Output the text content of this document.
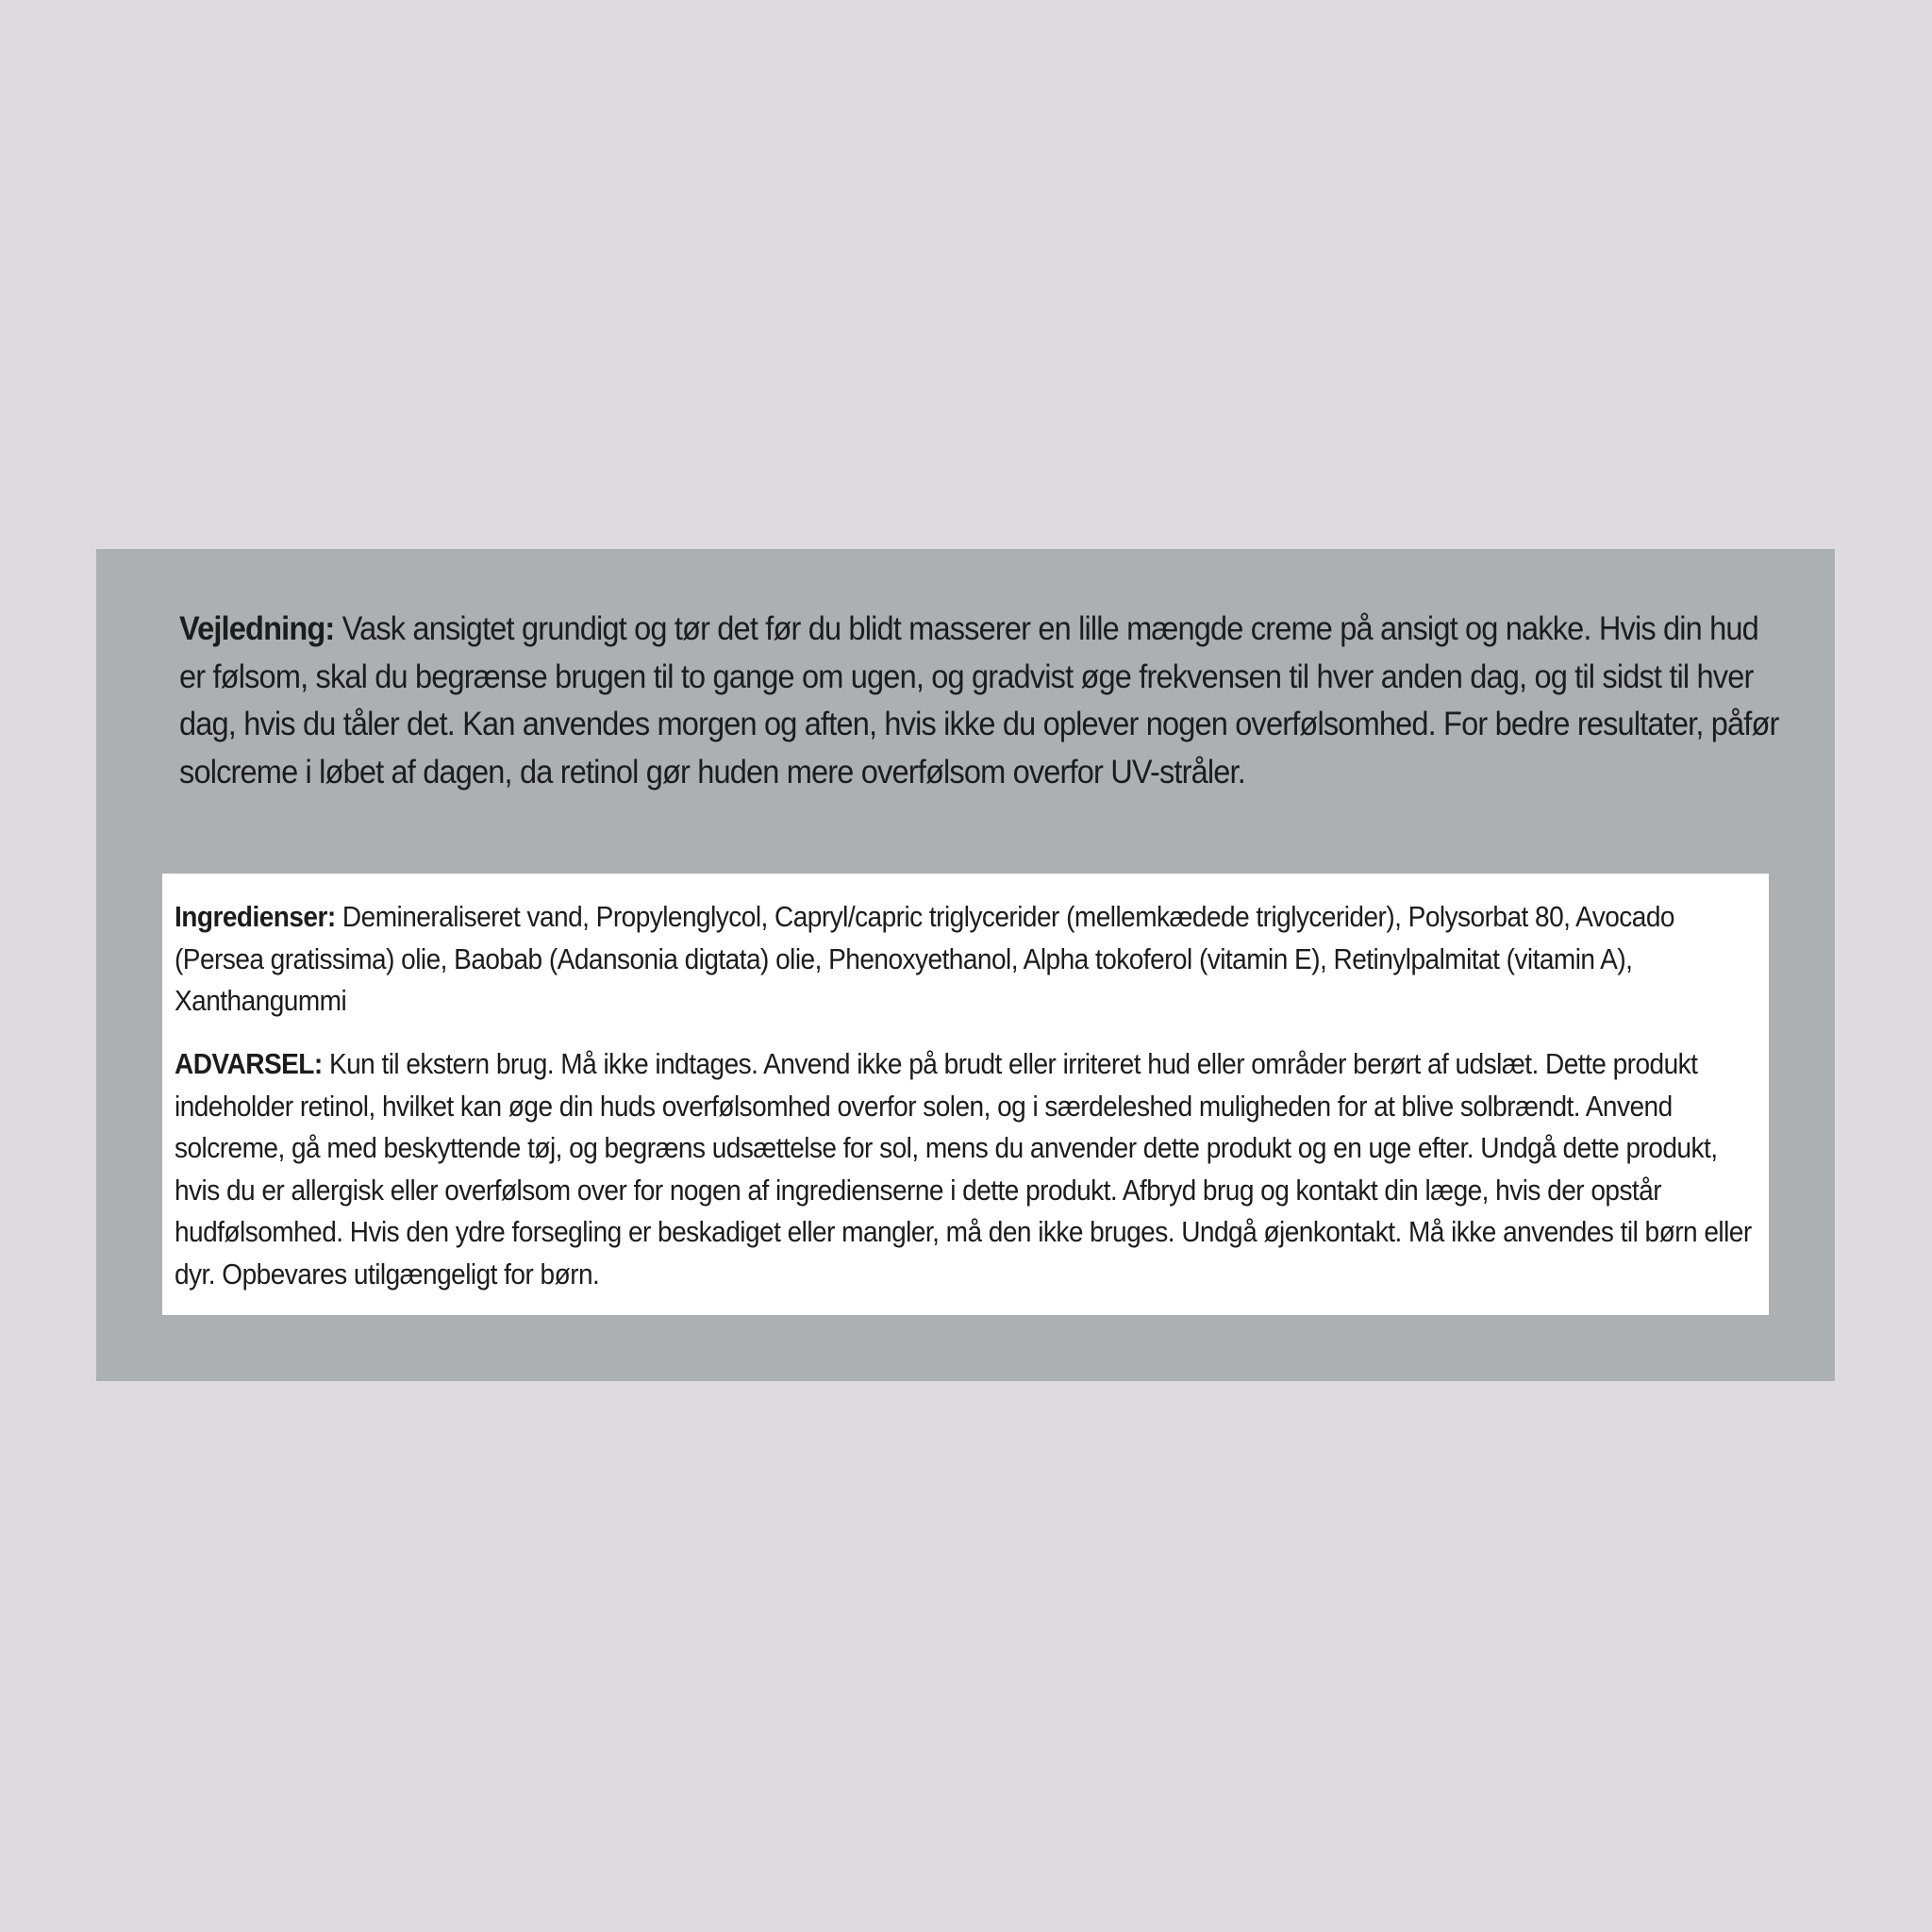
Vejledning: Vask ansigtet grundigt og tør det før du blidt masserer en lille mængde creme på ansigt og nakke. Hvis din hud er følsom, skal du begrænse brugen til to gange om ugen, og gradvist øge frekvensen til hver anden dag, og til sidst til hver dag, hvis du tåler det. Kan anvendes morgen og aften, hvis ikke du oplever nogen overfølsomhed. For bedre resultater, påfør solcreme i løbet af dagen, da retinol gør huden mere overfølsom overfor UV-stråler.

Ingredienser: Demineraliseret vand, Propylenglycol, Capryl/capric triglycerider (mellemkædede triglycerider), Polysorbat 80, Avocado (Persea gratissima) olie, Baobab (Adansonia digtata) olie, Phenoxyethanol, Alpha tokoferol (vitamin E), Retinylpalmitat (vitamin A), Xanthangummi

ADVARSEL: Kun til ekstern brug. Må ikke indtages. Anvend ikke på brudt eller irriteret hud eller områder berørt af udslæt. Dette produkt indeholder retinol, hvilket kan øge din huds overfølsomhed overfor solen, og i særdeleshed muligheden for at blive solbrændt. Anvend solcreme, gå med beskyttende tøj, og begræns udsættelse for sol, mens du anvender dette produkt og en uge efter. Undgå dette produkt, hvis du er allergisk eller overfølsom over for nogen af ingredienserne i dette produkt. Afbryd brug og kontakt din læge, hvis der opstår hudfølsomhed. Hvis den ydre forsegling er beskadiget eller mangler, må den ikke bruges. Undgå øjenkontakt. Må ikke anvendes til børn eller dyr. Opbevares utilgængeligt for børn.
